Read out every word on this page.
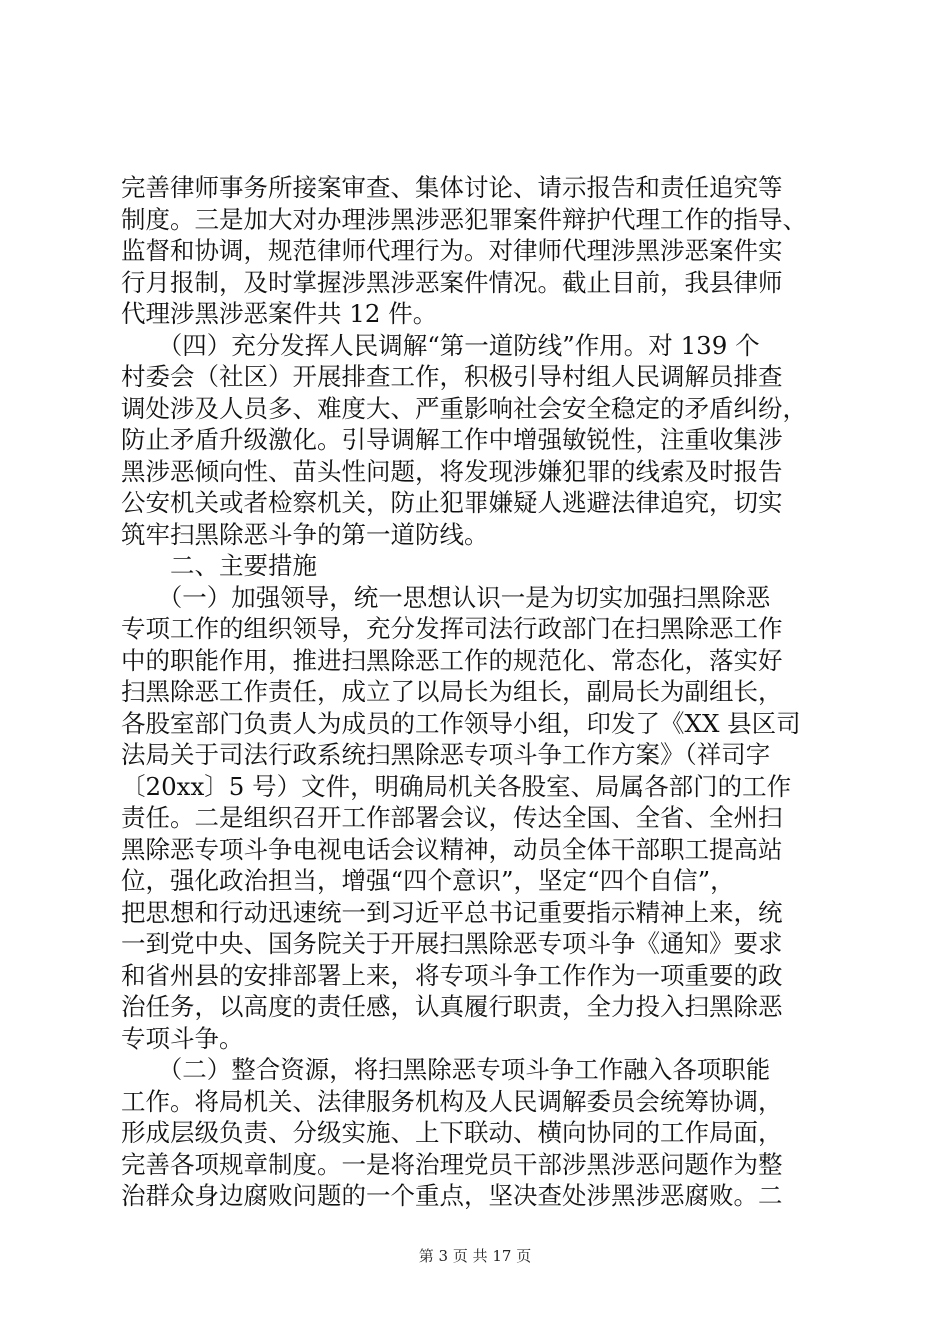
完善律师事务所接案审查、集体讨论、请示报告和责任追究等
制度。三是加大对办理涉黑涉恶犯罪案件辩护代理工作的指导、
监督和协调，规范律师代理行为。对律师代理涉黑涉恶案件实
行月报制，及时掌握涉黑涉恶案件情况。截止目前，我县律师
代理涉黑涉恶案件共 12 件。
　　（四）充分发挥人民调解“第一道防线”作用。对 139 个
村委会（社区）开展排查工作，积极引导村组人民调解员排查
调处涉及人员多、难度大、严重影响社会安全稳定的矛盾纠纷，
防止矛盾升级激化。引导调解工作中增强敏锐性，注重收集涉
黑涉恶倾向性、苗头性问题，将发现涉嫌犯罪的线索及时报告
公安机关或者检察机关，防止犯罪嫌疑人逃避法律追究，切实
筑牢扫黑除恶斗争的第一道防线。
　　二、主要措施
　　（一）加强领导，统一思想认识一是为切实加强扫黑除恶
专项工作的组织领导，充分发挥司法行政部门在扫黑除恶工作
中的职能作用，推进扫黑除恶工作的规范化、常态化，落实好
扫黑除恶工作责任，成立了以局长为组长，副局长为副组长，
各股室部门负责人为成员的工作领导小组，印发了《XX 县区司
法局关于司法行政系统扫黑除恶专项斗争工作方案》（祥司字
〔20xx〕5 号）文件，明确局机关各股室、局属各部门的工作
责任。二是组织召开工作部署会议，传达全国、全省、全州扫
黑除恶专项斗争电视电话会议精神，动员全体干部职工提高站
位，强化政治担当，增强“四个意识”，坚定“四个自信”，
把思想和行动迅速统一到习近平总书记重要指示精神上来，统
一到党中央、国务院关于开展扫黑除恶专项斗争《通知》要求
和省州县的安排部署上来，将专项斗争工作作为一项重要的政
治任务，以高度的责任感，认真履行职责，全力投入扫黑除恶
专项斗争。
　　（二）整合资源，将扫黑除恶专项斗争工作融入各项职能
工作。将局机关、法律服务机构及人民调解委员会统筹协调，
形成层级负责、分级实施、上下联动、横向协同的工作局面，
完善各项规章制度。一是将治理党员干部涉黑涉恶问题作为整
治群众身边腐败问题的一个重点，坚决查处涉黑涉恶腐败。二
第 3 页 共 17 页
